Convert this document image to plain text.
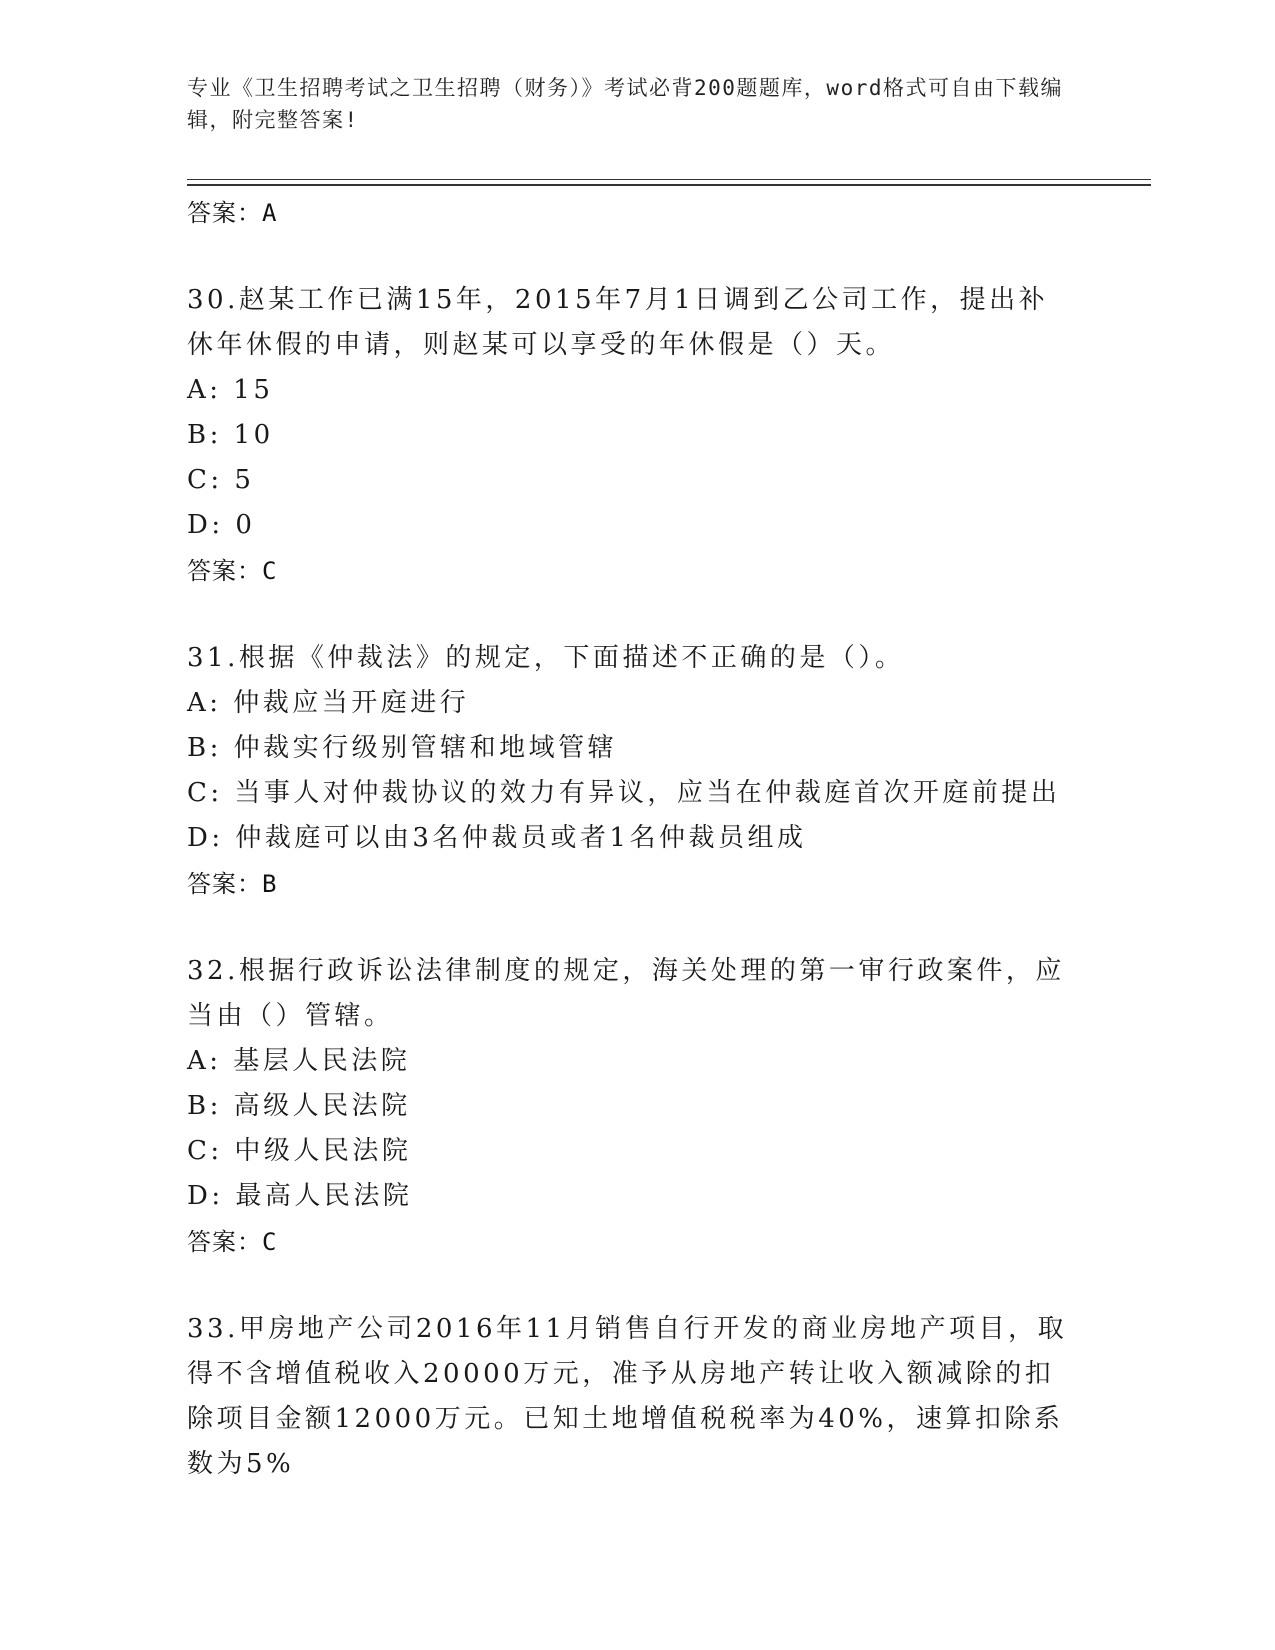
专业《卫生招聘考试之卫生招聘（财务）》考试必背200题题库，word格式可自由下载编辑，附完整答案!
答案：A
30.赵某工作已满15年，2015年7月1日调到乙公司工作，提出补休年休假的申请，则赵某可以享受的年休假是（）天。
A: 15
B: 10
C: 5
D: 0
答案：C
31.根据《仲裁法》的规定，下面描述不正确的是（）。
A: 仲裁应当开庭进行
B: 仲裁实行级别管辖和地域管辖
C: 当事人对仲裁协议的效力有异议，应当在仲裁庭首次开庭前提出
D: 仲裁庭可以由3名仲裁员或者1名仲裁员组成
答案：B
32.根据行政诉讼法律制度的规定，海关处理的第一审行政案件，应当由（）管辖。
A: 基层人民法院
B: 高级人民法院
C: 中级人民法院
D: 最高人民法院
答案：C
33.甲房地产公司2016年11月销售自行开发的商业房地产项目，取得不含增值税收入20000万元，准予从房地产转让收入额减除的扣除项目金额12000万元。已知土地增值税税率为40%，速算扣除系数为5%
